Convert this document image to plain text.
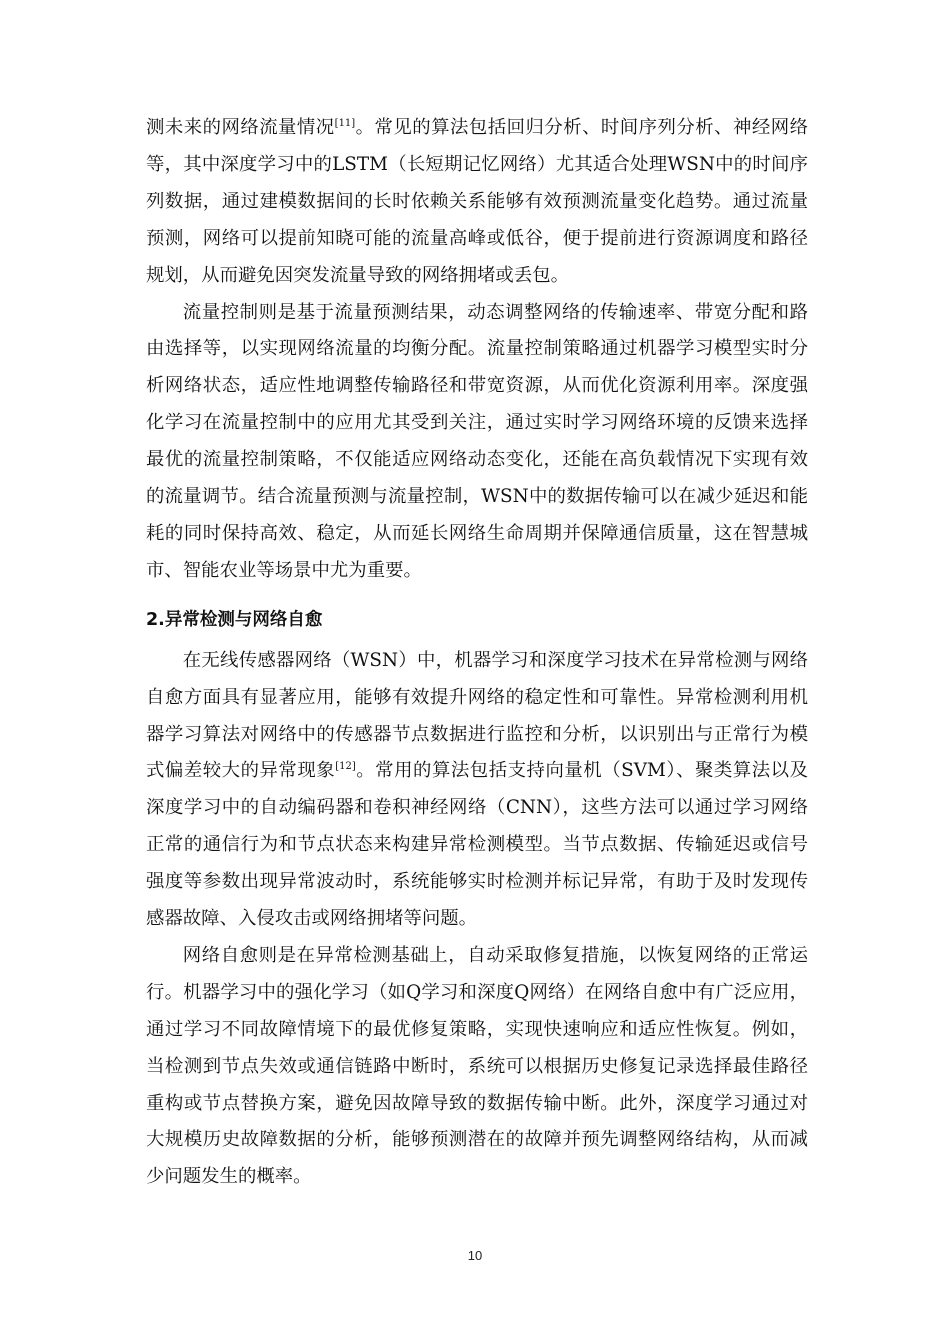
测未来的网络流量情况[11]。常见的算法包括回归分析、时间序列分析、神经网络等，其中深度学习中的LSTM（长短期记忆网络）尤其适合处理WSN中的时间序列数据，通过建模数据间的长时依赖关系能够有效预测流量变化趋势。通过流量预测，网络可以提前知晓可能的流量高峰或低谷，便于提前进行资源调度和路径规划，从而避免因突发流量导致的网络拥堵或丢包。

流量控制则是基于流量预测结果，动态调整网络的传输速率、带宽分配和路由选择等，以实现网络流量的均衡分配。流量控制策略通过机器学习模型实时分析网络状态，适应性地调整传输路径和带宽资源，从而优化资源利用率。深度强化学习在流量控制中的应用尤其受到关注，通过实时学习网络环境的反馈来选择最优的流量控制策略，不仅能适应网络动态变化，还能在高负载情况下实现有效的流量调节。结合流量预测与流量控制，WSN中的数据传输可以在减少延迟和能耗的同时保持高效、稳定，从而延长网络生命周期并保障通信质量，这在智慧城市、智能农业等场景中尤为重要。

2.异常检测与网络自愈

在无线传感器网络（WSN）中，机器学习和深度学习技术在异常检测与网络自愈方面具有显著应用，能够有效提升网络的稳定性和可靠性。异常检测利用机器学习算法对网络中的传感器节点数据进行监控和分析，以识别出与正常行为模式偏差较大的异常现象[12]。常用的算法包括支持向量机（SVM）、聚类算法以及深度学习中的自动编码器和卷积神经网络（CNN），这些方法可以通过学习网络正常的通信行为和节点状态来构建异常检测模型。当节点数据、传输延迟或信号强度等参数出现异常波动时，系统能够实时检测并标记异常，有助于及时发现传感器故障、入侵攻击或网络拥堵等问题。

网络自愈则是在异常检测基础上，自动采取修复措施，以恢复网络的正常运行。机器学习中的强化学习（如Q学习和深度Q网络）在网络自愈中有广泛应用，通过学习不同故障情境下的最优修复策略，实现快速响应和适应性恢复。例如，当检测到节点失效或通信链路中断时，系统可以根据历史修复记录选择最佳路径重构或节点替换方案，避免因故障导致的数据传输中断。此外，深度学习通过对大规模历史故障数据的分析，能够预测潜在的故障并预先调整网络结构，从而减少问题发生的概率。

10
